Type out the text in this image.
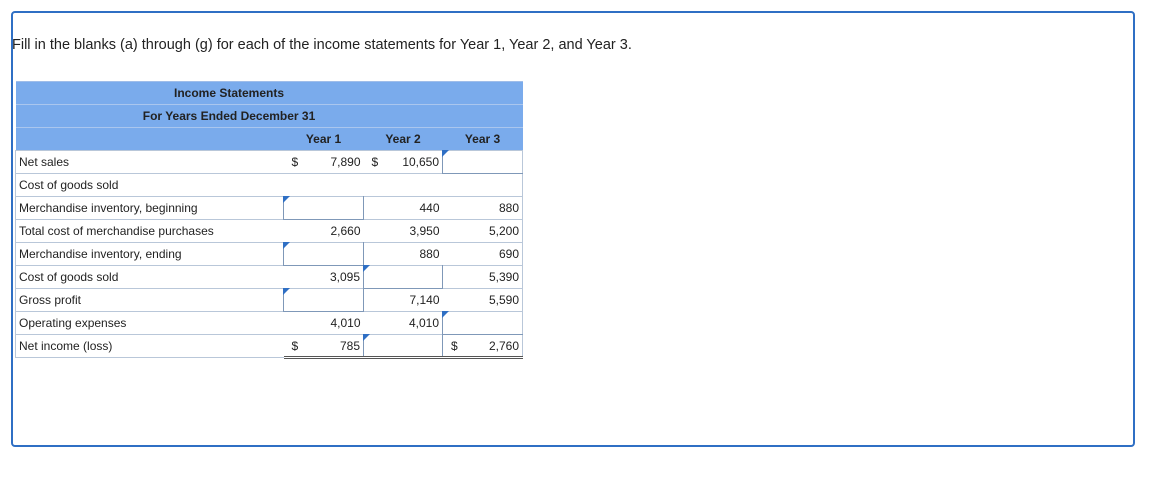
Fill in the blanks (a) through (g) for each of the income statements for Year 1, Year 2, and Year 3.
Income Statements			
For Years Ended December 31			
	Year 1	Year 2	Year 3
Net sales	$ 7,890	$ 10,650	
Cost of goods sold			
Merchandise inventory, beginning		440	880
Total cost of merchandise purchases	2,660	3,950	5,200
Merchandise inventory, ending		880	690
Cost of goods sold	3,095		5,390
Gross profit		7,140	5,590
Operating expenses	4,010	4,010	
Net income (loss)	$ 785		$ 2,760
